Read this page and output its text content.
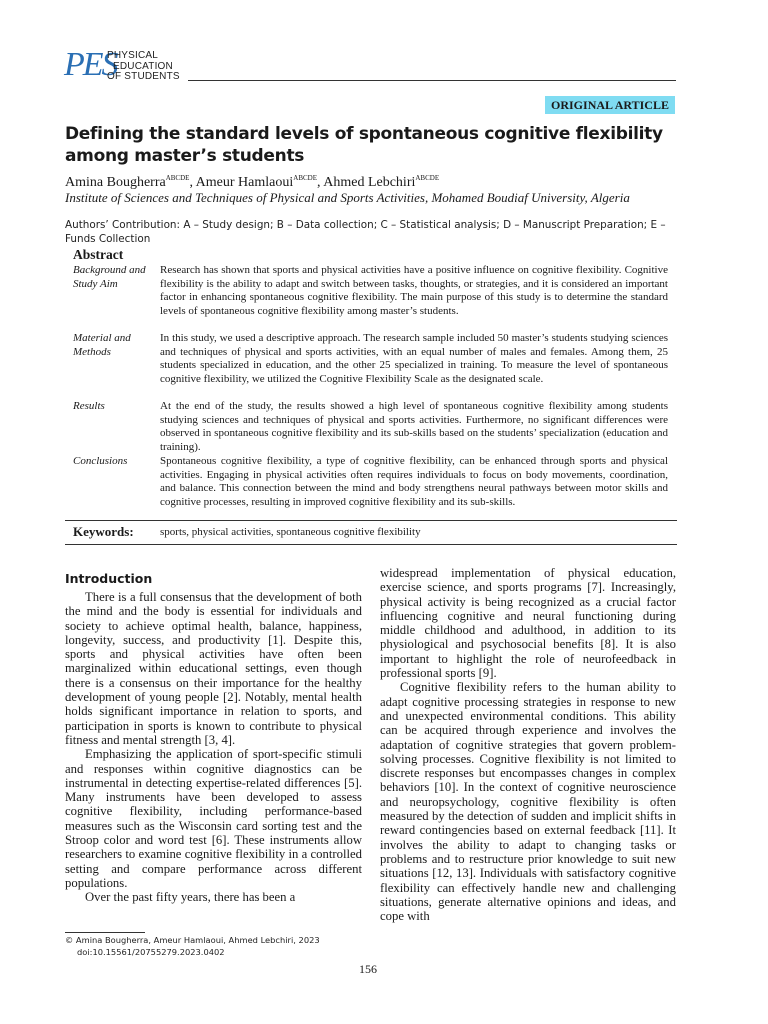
PES
PHYSICAL
EDUCATION
OF STUDENTS
ORIGINAL ARTICLE
Defining the standard levels of spontaneous cognitive flexibility among master’s students
Amina Bougherra$^{ABCDE}$, Ameur Hamlaoui$^{ABCDE}$, Ahmed Lebchiri$^{ABCDE}$
Institute of Sciences and Techniques of Physical and Sports Activities, Mohamed Boudiaf University, Algeria
Authors’ Contribution: A – Study design; B – Data collection; C – Statistical analysis; D – Manuscript Preparation; E – Funds Collection
Abstract
Background and Study Aim
Research has shown that sports and physical activities have a positive influence on cognitive flexibility. Cognitive flexibility is the ability to adapt and switch between tasks, thoughts, or strategies, and it is considered an important factor in enhancing spontaneous cognitive flexibility. The main purpose of this study is to determine the standard levels of spontaneous cognitive flexibility among master’s students.
Material and Methods
In this study, we used a descriptive approach. The research sample included 50 master’s students studying sciences and techniques of physical and sports activities, with an equal number of males and females. Among them, 25 students specialized in education, and the other 25 specialized in training. To measure the level of spontaneous cognitive flexibility, we utilized the Cognitive Flexibility Scale as the designated scale.
Results	At the end of the study, the results showed a high level of spontaneous cognitive flexibility among students studying sciences and techniques of physical and sports activities. Furthermore, no significant differences were observed in spontaneous cognitive flexibility and its sub-skills based on the students’ specialization (education and training).
Conclusions	Spontaneous cognitive flexibility, a type of cognitive flexibility, can be enhanced through sports and physical activities. Engaging in physical activities often requires individuals to focus on body movements, coordination, and balance. This connection between the mind and body strengthens neural pathways between motor skills and cognitive processes, resulting in improved cognitive flexibility and its sub-skills.
Keywords: sports, physical activities, spontaneous cognitive flexibility
Introduction

There is a full consensus that the development of both the mind and the body is essential for individuals and society to achieve optimal health, balance, happiness, longevity, success, and productivity [1]. Despite this, sports and physical activities have often been marginalized within educational settings, even though there is a consensus on their importance for the healthy development of young people [2]. Notably, mental health holds significant importance in relation to sports, and participation in sports is known to contribute to physical fitness and mental strength [3, 4].

Emphasizing the application of sport-specific stimuli and responses within cognitive diagnostics can be instrumental in detecting expertise-related differences [5]. Many instruments have been developed to assess cognitive flexibility, including performance-based measures such as the Wisconsin card sorting test and the Stroop color and word test [6]. These instruments allow researchers to examine cognitive flexibility in a controlled setting and compare performance across different populations.

Over the past fifty years, there has been a

widespread implementation of physical education, exercise science, and sports programs [7]. Increasingly, physical activity is being recognized as a crucial factor influencing cognitive and neural functioning during middle childhood and adulthood, in addition to its physiological and psychosocial benefits [8]. It is also important to highlight the role of neurofeedback in professional sports [9].

Cognitive flexibility refers to the human ability to adapt cognitive processing strategies in response to new and unexpected environmental conditions. This ability can be acquired through experience and involves the adaptation of cognitive strategies that govern problem-solving processes. Cognitive flexibility is not limited to discrete responses but encompasses changes in complex behaviors [10]. In the context of cognitive neuroscience and neuropsychology, cognitive flexibility is often measured by the detection of sudden and implicit shifts in reward contingencies based on external feedback [11]. It involves the ability to adapt to changing tasks or problems and to restructure prior knowledge to suit new situations [12, 13]. Individuals with satisfactory cognitive flexibility can effectively handle new and challenging situations, generate alternative opinions and ideas, and cope with

© Amina Bougherra, Ameur Hamlaoui, Ahmed Lebchiri, 2023
doi:10.15561/20755279.2023.0402
156
